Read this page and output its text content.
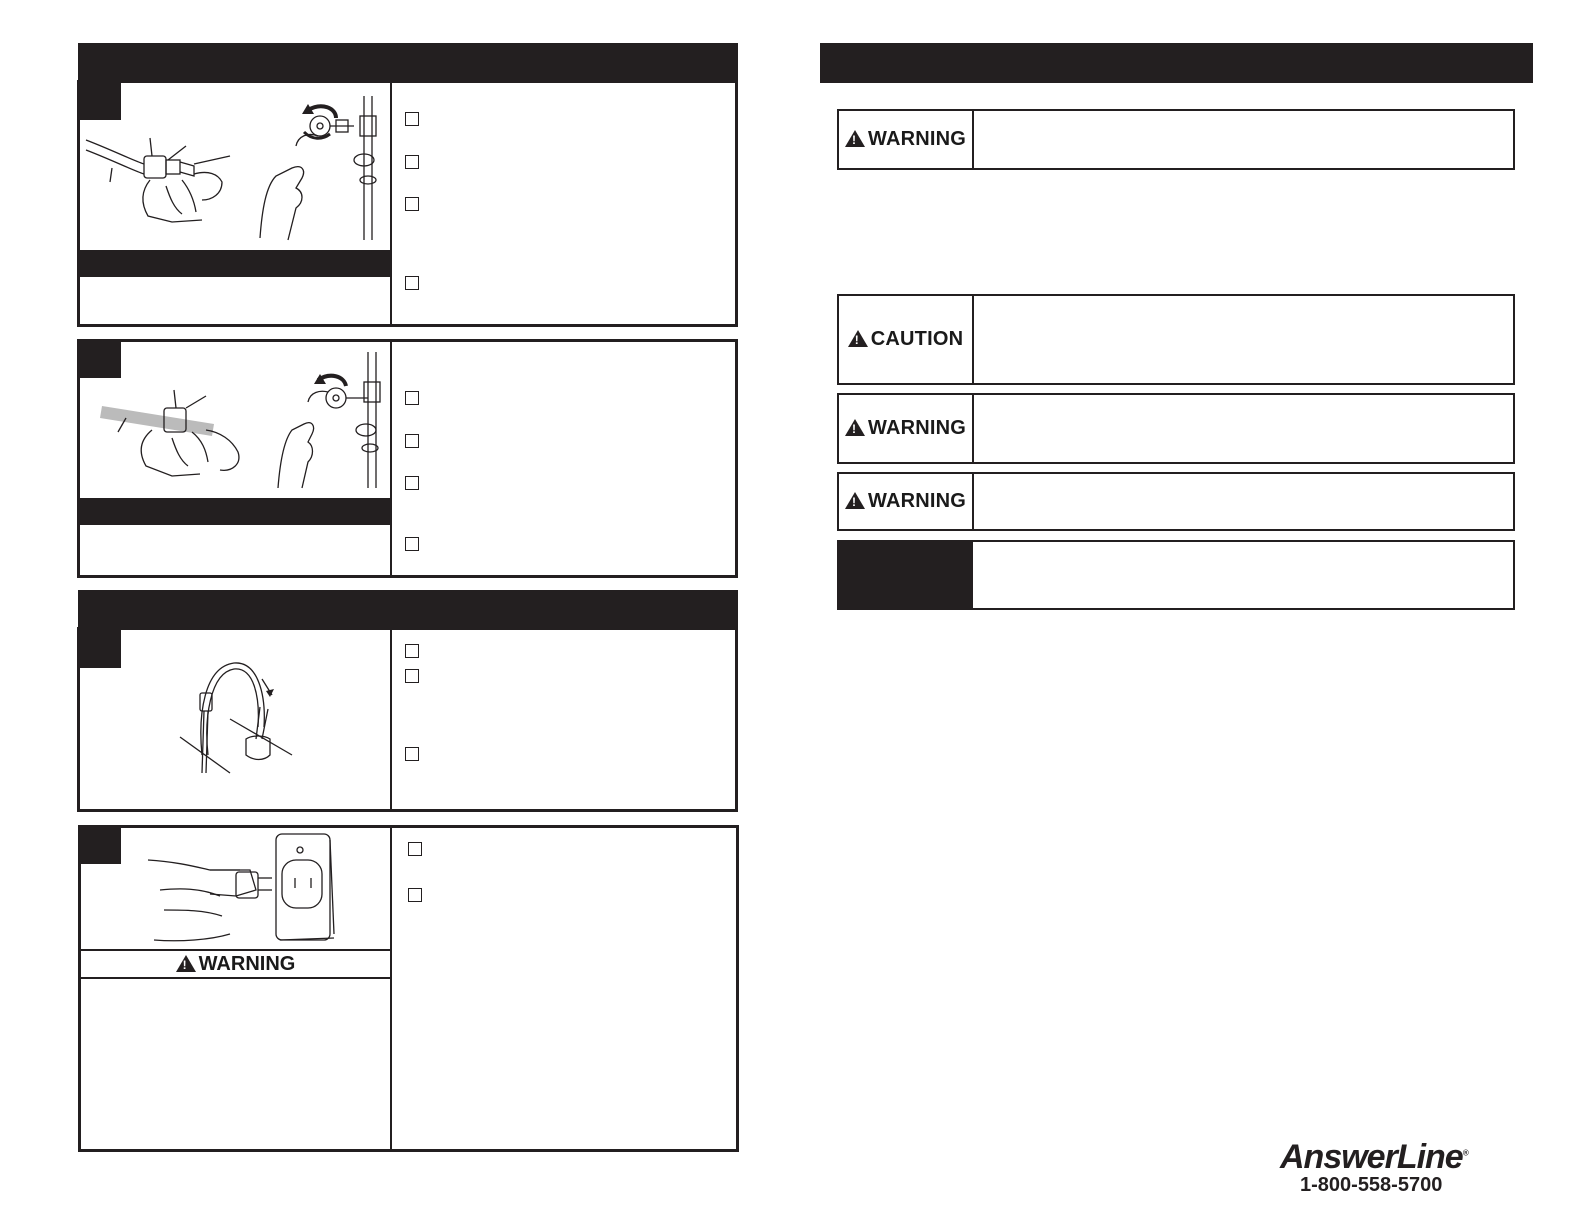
!
WARNING
!
WARNING
!
CAUTION
!
WARNING
!
WARNING
AnswerLine®
1-800-558-5700
